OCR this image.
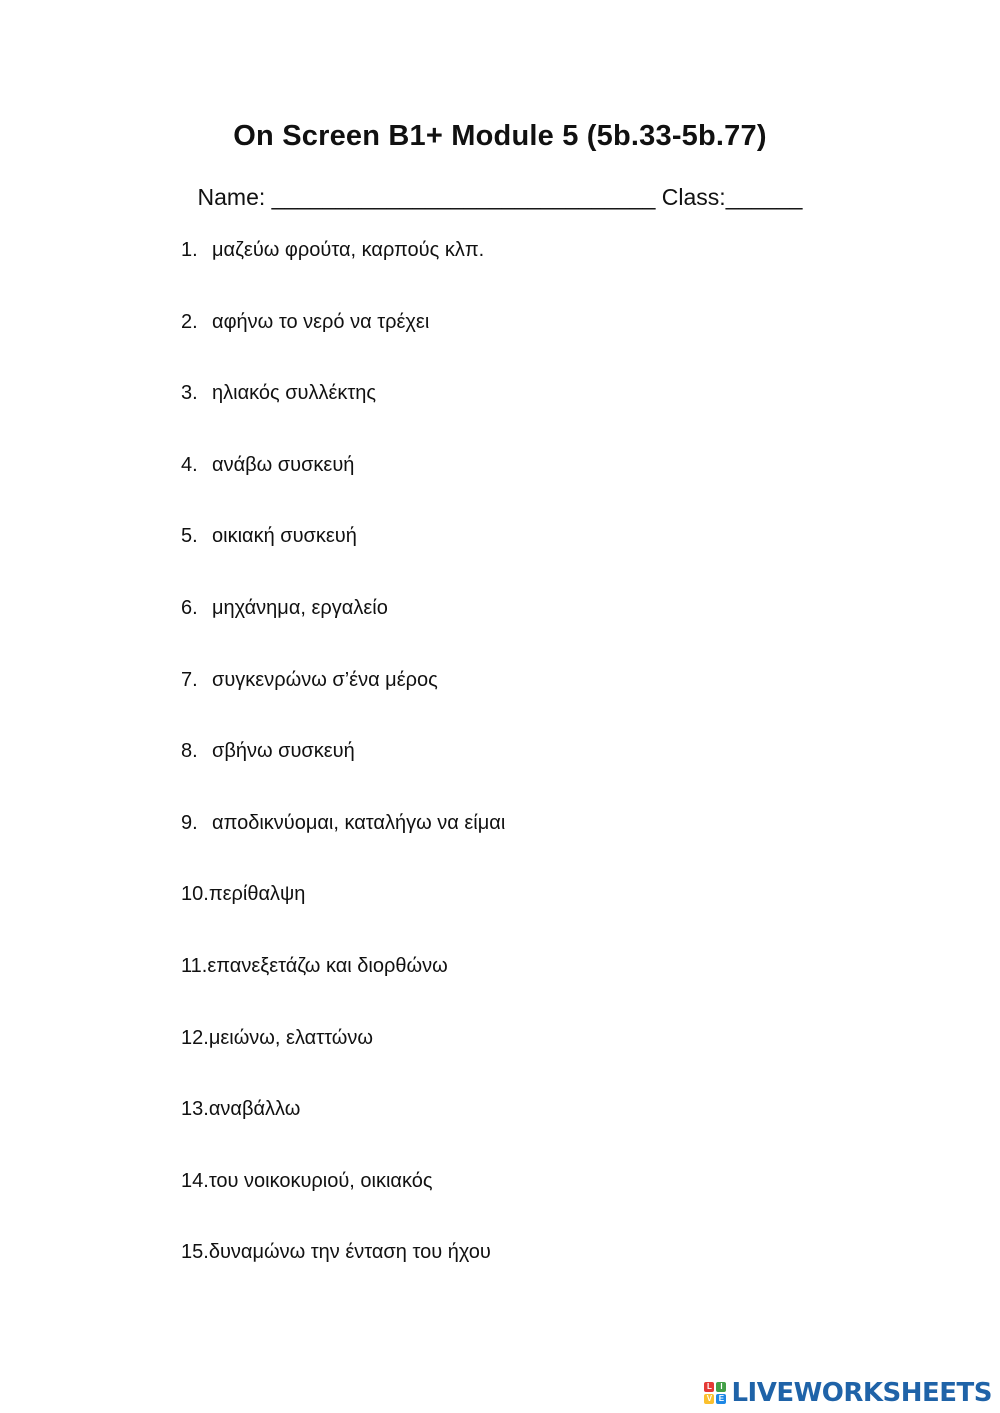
On Screen B1+ Module 5 (5b.33-5b.77)
Name: ______________________________ Class:______
1. μαζεύω φρούτα, καρπούς κλπ.
2. αφήνω το νερό να τρέχει
3. ηλιακός συλλέκτης
4. ανάβω συσκευή
5. οικιακή συσκευή
6. μηχάνημα, εργαλείο
7. συγκενρώνω σ’ένα μέρος
8. σβήνω συσκευή
9. αποδικνύομαι, καταλήγω να είμαι
10.περίθαλψη
11.επανεξετάζω και διορθώνω
12.μειώνω, ελαττώνω
13.αναβάλλω
14.του νοικοκυριού, οικιακός
15.δυναμώνω την ένταση του ήχου
L	I
V E LIVEWORKSHEETS
